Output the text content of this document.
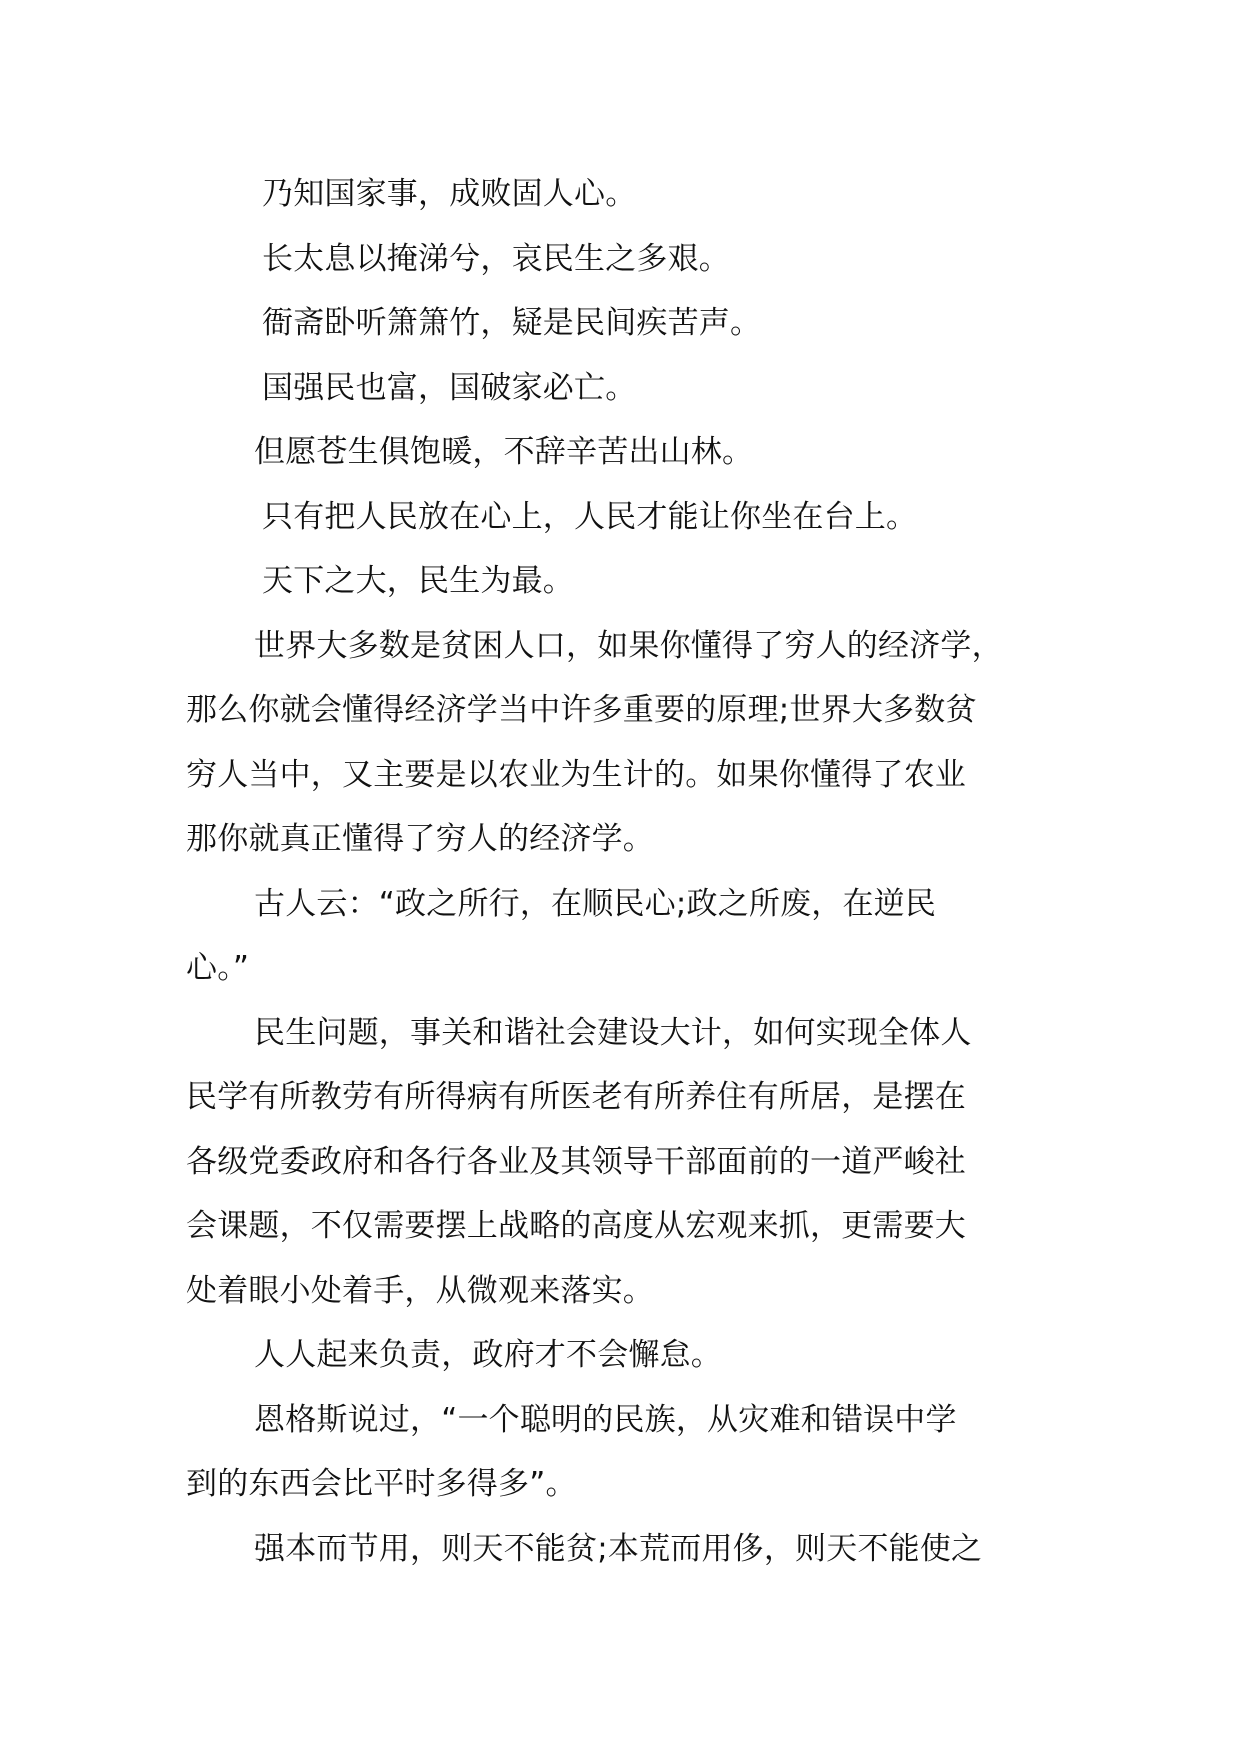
乃知国家事，成败固人心。
长太息以掩涕兮，哀民生之多艰。
衙斋卧听箫箫竹，疑是民间疾苦声。
国强民也富，国破家必亡。
但愿苍生俱饱暖，不辞辛苦出山林。
只有把人民放在心上，人民才能让你坐在台上。
天下之大，民生为最。
世界大多数是贫困人口，如果你懂得了穷人的经济学，
那么你就会懂得经济学当中许多重要的原理;世界大多数贫
穷人当中，又主要是以农业为生计的。如果你懂得了农业
那你就真正懂得了穷人的经济学。
古人云：“政之所行，在顺民心;政之所废，在逆民
心。”
民生问题，事关和谐社会建设大计，如何实现全体人
民学有所教劳有所得病有所医老有所养住有所居，是摆在
各级党委政府和各行各业及其领导干部面前的一道严峻社
会课题，不仅需要摆上战略的高度从宏观来抓，更需要大
处着眼小处着手，从微观来落实。
人人起来负责，政府才不会懈怠。
恩格斯说过，“一个聪明的民族，从灾难和错误中学
到的东西会比平时多得多”。
强本而节用，则天不能贫;本荒而用侈，则天不能使之
